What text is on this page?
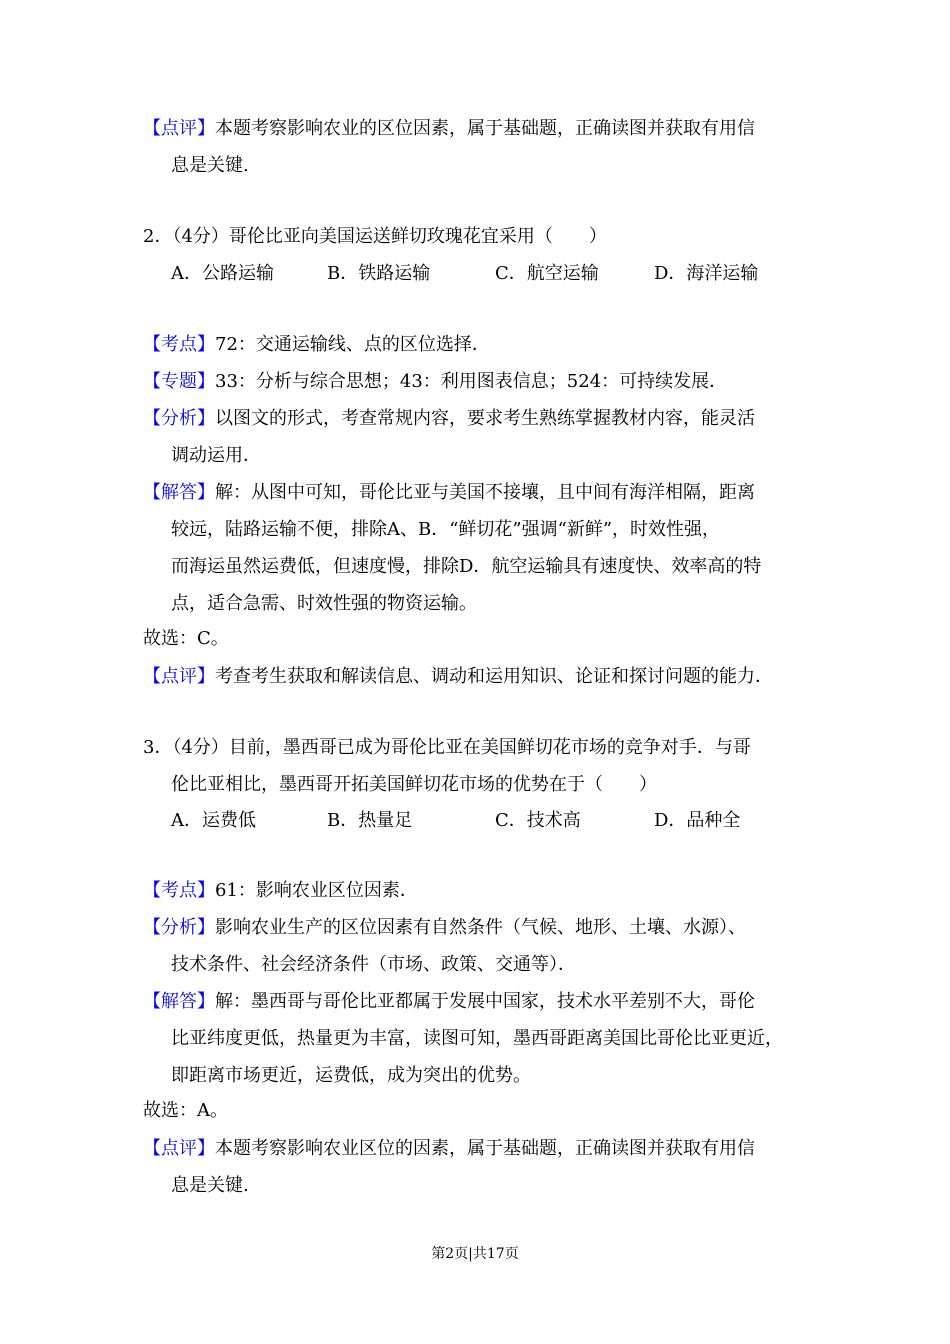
【点评】本题考察影响农业的区位因素，属于基础题，正确读图并获取有用信
息是关键.
2．（4分）哥伦比亚向美国运送鲜切玫瑰花宜采用（　　）
A．公路运输	B．铁路运输	C．航空运输	D．海洋运输
【考点】72：交通运输线、点的区位选择．
【专题】33：分析与综合思想；43：利用图表信息；524：可持续发展．
【分析】以图文的形式，考查常规内容，要求考生熟练掌握教材内容，能灵活
调动运用．
【解答】解：从图中可知，哥伦比亚与美国不接壤，且中间有海洋相隔，距离
较远，陆路运输不便，排除A、B．“鲜切花”强调“新鲜”，时效性强，
而海运虽然运费低，但速度慢，排除D．航空运输具有速度快、效率高的特
点，适合急需、时效性强的物资运输。
故选：C。
【点评】考查考生获取和解读信息、调动和运用知识、论证和探讨问题的能力．
3．（4分）目前，墨西哥已成为哥伦比亚在美国鲜切花市场的竞争对手．与哥
伦比亚相比，墨西哥开拓美国鲜切花市场的优势在于（　　）
A．运费低	B．热量足	C．技术高	D．品种全
【考点】61：影响农业区位因素．
【分析】影响农业生产的区位因素有自然条件（气候、地形、土壤、水源）、
技术条件、社会经济条件（市场、政策、交通等）．
【解答】解：墨西哥与哥伦比亚都属于发展中国家，技术水平差别不大，哥伦
比亚纬度更低，热量更为丰富，读图可知，墨西哥距离美国比哥伦比亚更近，
即距离市场更近，运费低，成为突出的优势。
故选：A。
【点评】本题考察影响农业区位的因素，属于基础题，正确读图并获取有用信
息是关键.
第2页|共17页
